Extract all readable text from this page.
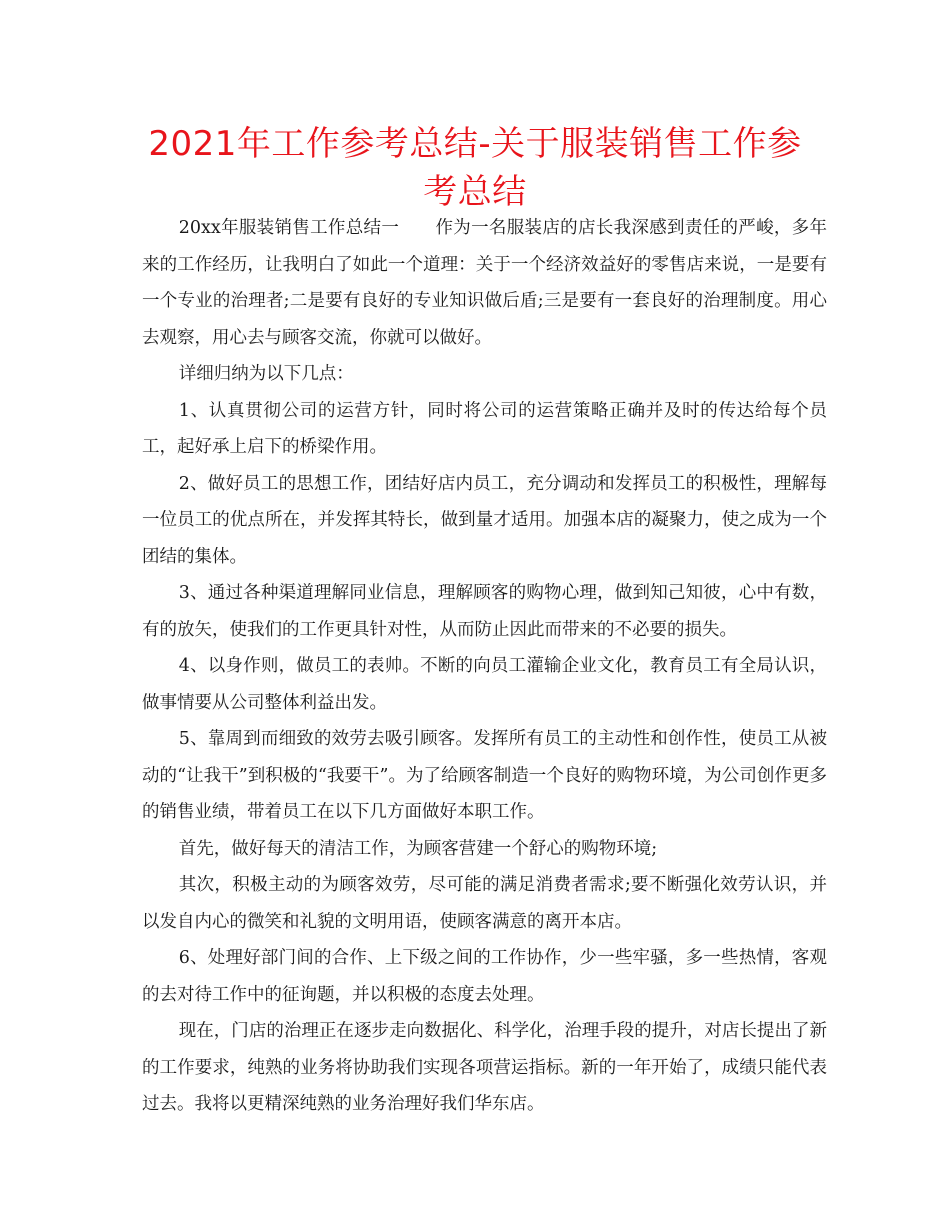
2021年工作参考总结-关于服装销售工作参考总结

20xx年服装销售工作总结一 作为一名服装店的店长我深感到责任的严峻，多年来的工作经历，让我明白了如此一个道理：关于一个经济效益好的零售店来说，一是要有一个专业的治理者;二是要有良好的专业知识做后盾;三是要有一套良好的治理制度。用心去观察，用心去与顾客交流，你就可以做好。

详细归纳为以下几点：

1、认真贯彻公司的运营方针，同时将公司的运营策略正确并及时的传达给每个员工，起好承上启下的桥梁作用。

2、做好员工的思想工作，团结好店内员工，充分调动和发挥员工的积极性，理解每一位员工的优点所在，并发挥其特长，做到量才适用。加强本店的凝聚力，使之成为一个团结的集体。

3、通过各种渠道理解同业信息，理解顾客的购物心理，做到知己知彼，心中有数，有的放矢，使我们的工作更具针对性，从而防止因此而带来的不必要的损失。

4、以身作则，做员工的表帅。不断的向员工灌输企业文化，教育员工有全局认识，做事情要从公司整体利益出发。

5、靠周到而细致的效劳去吸引顾客。发挥所有员工的主动性和创作性，使员工从被动的“让我干”到积极的“我要干”。为了给顾客制造一个良好的购物环境，为公司创作更多的销售业绩，带着员工在以下几方面做好本职工作。

首先，做好每天的清洁工作，为顾客营建一个舒心的购物环境;

其次，积极主动的为顾客效劳，尽可能的满足消费者需求;要不断强化效劳认识，并以发自内心的微笑和礼貌的文明用语，使顾客满意的离开本店。

6、处理好部门间的合作、上下级之间的工作协作，少一些牢骚，多一些热情，客观的去对待工作中的征询题，并以积极的态度去处理。

现在，门店的治理正在逐步走向数据化、科学化，治理手段的提升，对店长提出了新的工作要求，纯熟的业务将协助我们实现各项营运指标。新的一年开始了，成绩只能代表过去。我将以更精深纯熟的业务治理好我们华东店。
